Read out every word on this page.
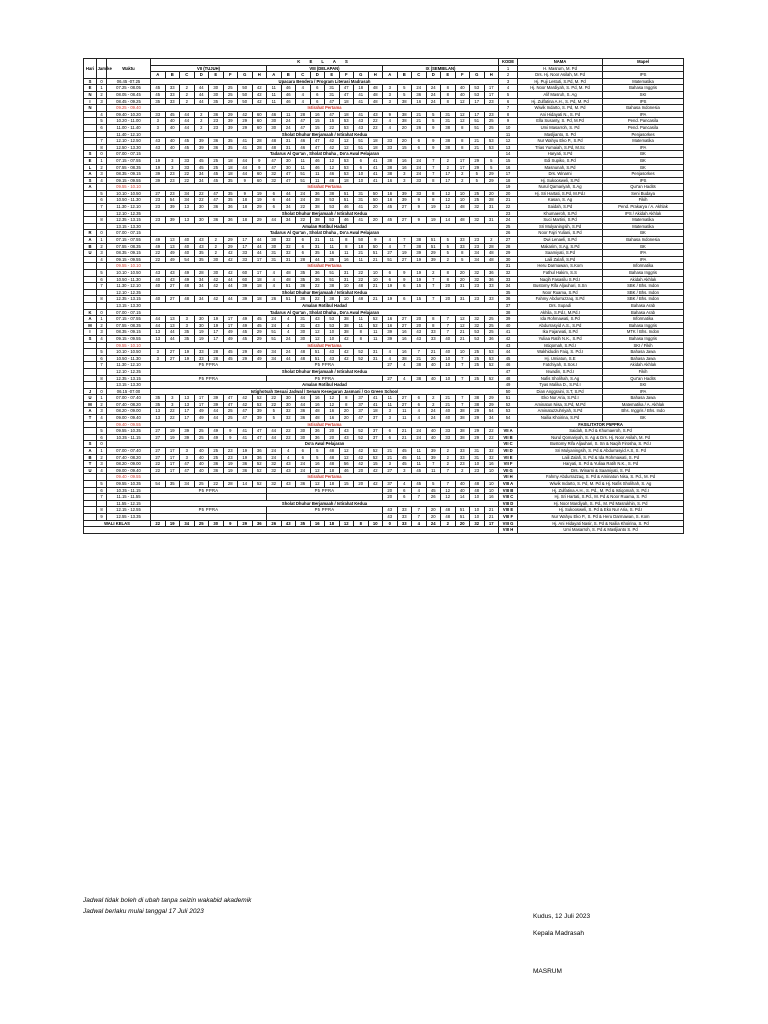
Hari	Jam ke	Waktu	K E L A S																								KODE	NAMA	Mapel
			VII (TUJUH)								VIII (DELAPAN)								IX (SEMBILAN)								1	H. Masrum, M. Pd	
			A	B	C	D	E	F	G	H	A	B	C	D	E	F	G	H	A	B	C	D	E	F	G	H	2	Drs. Hj. Noor Asilah, M. Pd	IPS
S	0	06.45 -07.25	Upacara Bendera / Program Literasi Madrasah																								3	Hj. Puji Lestuti, S.Pd, M. Pd	Matematika
E	1	07.25 - 08.05	45	33	2	44	30	25	50	42	11	46	4	6	31	47	18	48	3	5	24	24	8	40	53	17	4	Hj. Noor Mardiyah, S. Pd, M. Pd	Bahasa Inggris
N	2	08.05 - 08.45	45	33	2	44	30	25	50	42	11	46	4	6	31	47	41	48	3	5	36	24	8	40	53	17	5	Alif Masruh, S. Ag	SKI
I	3	08.45 - 09.25	35	33	2	44	35	29	50	42	11	46	4	6	47	18	41	48	3	38	16	24	8	12	17	23	6	Hj. Zulfatina A.H., S. Pd, M. Pd	IPS
N		09.25 - 09.40	Istirahat Pertama																								7	Wiwik Indarto, S. Pd, M. Pd	Bahasa Indonesia
	4	09.40 - 10.20	33	45	44	2	36	29	42	60	46	11	28	16	47	18	41	43	9	38	21	5	31	12	17	23	8	Ani Hidayati N., S. Pd	IPA
	5	10.20 - 11.00	3	40	44	2	23	39	29	60	30	24	47	15	15	53	43	22	4	38	21	5	31	12	51	25	9	Ella Susanty, S. Pd, M.Pd	Pend. Pancasila
	6	11.00 - 11.40	3	40	44	2	23	39	29	60	30	24	47	15	22	53	43	22	4	20	26	9	38	8	51	25	10	Umi Masarroh, S. Pd	Pend. Pancasila
		11.40 - 12.10	Sholat Dhuhur Berjamaah / Istirahat Kedua																								11	Masljianto, S. Pd	Penjasorkes
	7	12.10 - 12.50	43	40	45	39	36	35	41	28	48	31	46	47	42	12	51	18	33	20	6	9	38	8	21	53	12	Nur Wahyu Eko P., S.Pd	Matematika
	8	12.50 - 13.30	43	40	45	39	36	35	41	28	48	31	46	47	42	12	51	18	33	15	6	9	38	8	21	53	13	Trias Yumaiah, S.Pd, M.Sc	IPA
S	0	07.00 - 07.15	Tadarus Al Qur'an , Sholat Dhuha , Do'a Awal Pelajaran																								14	Haryati, S.Pd	BK
E	1	07.15 - 07.55	19	3	33	45	25	18	44	9	47	30	11	46	12	53	6	41	38	16	24	7	2	17	29	5	15	Edi Supiko, S.Pd	BK
L	2	07.55 - 08.35	19	3	33	45	25	18	44	9	47	30	11	46	12	53	6	41	38	16	24	7	2	17	29	5	16	Masnunah, S.Pd	BK
A	3	08.35 - 09.15	39	23	22	34	45	18	44	60	32	47	51	11	46	53	10	41	38	3	24	7	17	2	5	29	17	Drs. Winarni	Penjasorkes
S	4	09.15 - 09.55	39	23	22	34	45	35	9	60	32	47	51	11	46	18	10	41	16	3	33	8	17	2	5	29	18	Hj. Sukoosweli, S.Pd	IPS
A		09.55 - 10.10	Istirahat Pertama																								19	Nurul Qamariyah, S.Ag	Qur'an Hadits
	5	10.10 - 10.50	27	23	34	22	47	35	9	19	6	44	24	36	38	51	31	50	16	39	33	8	12	10	25	20	20	Hj. Sri Hartati, S.Pd, M.Pd.I	Seni Budaya
	6	10.50 - 11.30	23	54	34	22	47	35	18	19	6	44	24	38	53	51	31	50	16	39	9	8	12	10	25	28	21	Kasan, S. Ag	Fikih
	7	11.30 - 12.10	23	39	13	30	36	36	18	29	6	34	22	38	53	46	41	20	45	27	9	19	12	48	32	31	22	Saidah, S.Pd	Pend. Prakarya / A. Akhlak
		12.10 - 12.35	Sholat Dhuhur Berjamaah / Istirahat Kedua																								23	Khumaeroh, S.Pd	IPS / Akidah Akhlak
	8	12.35 - 13.15	23	39	13	30	36	36	18	29	44	34	22	38	53	46	41	20	45	27	9	19	14	48	32	31	24	Suci Martini, S.Pd	Matematika
		13.15 - 13.30	Amalan Rotibul Hadad																								25	Sri Mulyaningsih, S.Pd	Matematika
R	0	07.00 - 07.15	Tadarus Al Qur'an , Sholat Dhuha , Do'a Awal Pelajaran																								26	Noor Fajri Yuliani, S.Pd	BK
A	1	07.15 - 07.55	49	13	40	43	2	29	17	44	30	32	6	31	11	8	50	9	4	7	38	51	5	33	23	2	27	Dwi Lenaeli, S.Pd	Bahasa Indonesia
B	2	07.55 - 08.35	49	13	40	43	2	29	17	44	30	32	6	31	11	8	18	50	4	7	38	51	5	33	23	28	28	Makarim, S.Ag, S.Pd	BK
U	3	08.35 - 09.15	22	49	40	35	2	42	33	44	31	32	6	35	16	11	21	51	27	19	39	29	5	8	34	48	29	Saamiyati, S.Pd	IPA
	4	09.15 - 09.55	22	49	54	35	30	42	33	17	31	31	28	44	35	16	11	21	51	27	19	39	2	5	34	48	30	Laili Zalafi, S.Pd	IPA
		09.55 - 10.10	Istirahat Pertama																								31	Heru Darmawan, S.Kom	Informatika
	5	10.10 - 10.50	43	43	49	28	30	42	60	17	4	48	35	36	51	31	22	10	6	9	19	2	8	20	32	36	32	Fathul Hakim, S.S	Bahasa Inggris
	6	10.50 - 11.30	40	43	49	34	42	44	60	18	4	48	35	36	51	31	22	10	6	9	19	7	8	20	32	36	33	Naqih Fasasilu S.Pd.I	Akidah Akhlak
	7	11.30 - 12.10	40	27	48	34	42	44	39	18	4	51	36	22	38	10	48	21	19	6	15	7	20	31	23	33	34	Bustomy Rifa Aljauhari, S.Sn	SBK / Bhs. Indon
		12.10 - 12.35	Sholat Dhuhur Berjamaah / Istirahat Kedua																								35	Noor Ruama, S.Pd	SBK / Bhs. Indon
	8	12.35 - 13.15	40	27	48	34	42	44	39	18	26	51	36	22	38	10	48	21	19	6	15	7	20	31	23	33	36	Fahmy Abdurrazzaq, S.Pd	SBK / Bhs. Indon
		13.15 - 13.30	Amalan Rotibul Hadad																								37	Drs. Supadi	Bahasa Arab
K	0	07.00 - 07.15	Tadarus Al Qur'an , Sholat Dhuha , Do'a Awal Pelajaran																								38	Akhila, S.Pd.I, M.Pd.I	Bahasa Arab
A	1	07.15 - 07.55	44	13	3	30	19	17	49	45	24	4	31	43	53	38	11	52	16	27	20	8	7	12	32	25	39	Ida Rohmawati, S.Pd	Informatika
M	2	07.55 - 08.35	44	13	3	30	19	17	49	45	24	4	31	43	53	38	11	52	16	27	20	8	7	12	32	25	40	Abdurrasyid A.S., S.Pd	Bahasa Inggris
I	3	08.35 - 09.15	13	44	35	19	17	49	45	29	51	4	30	12	10	38	8	11	39	16	43	33	7	21	53	25	41	Ika Fajarwati, S.Pd	MTK / Bhs. Indon
S	4	09.15 - 09.55	13	44	35	19	17	49	45	29	51	24	30	12	10	42	8	11	39	16	43	33	40	21	53	36	42	Yuliaa Ratih N.K., S.Pd	Bahasa Inggris
		09.55 - 10.10	Istirahat Pertama																								43	Istiqomah, S.Pd.I	SKI / Fikih
	5	10.10 - 10.50	3	27	19	33	28	45	29	49	34	24	48	51	43	42	52	31	4	16	7	21	40	10	25	53	44	Wakhidudin Faiq, S. Pd.I	Bahasa Jawa
	6	10.50 - 11.30	3	27	19	33	28	45	29	49	34	44	48	51	43	42	52	31	4	38	21	20	10	7	25	53	45	Hj. Umiatun, S.E	Bahasa Jawa
	7	11.30 - 12.10	P5 PPRA								P5 PPRA								27	4	38	40	10	7	25	52	46	Fatchiyah, S.Sos.I	Akidah Akhlak
		12.10 - 12.35	Sholat Dhuhur Berjamaah / Istirahat Kedua																								47	Iswadin, S.Pd.I	Fikih
	8	12.35 - 13.15	P5 PPRA								P5 PPRA								27	4	38	40	10	7	25	52	48	Nafis Sholihah, S.Ag	Qur'an Hadits
		13.15 - 13.30	Amalan Rotibul Hadad																								49	Tyas Malika D., S.Pd.I	SKI
J	0	06.15 -07.00	Istighotsah Sesuai Jadwal / Senam Kesegaran Jasmani / Go Green School																								50	Dian Anggraini, S.T, S.Pd	IPA
U	1	07.00 - 07.40	35	3	13	17	39	47	42	52	22	30	44	16	12	8	37	41	11	27	6	2	21	7	38	29	51	Eko Nur Aria, S.Pd.I	Bahasa Jawa
M	2	07.40 - 08.20	35	3	13	17	39	47	42	52	22	30	44	16	12	8	37	41	11	27	6	2	21	7	38	29	52	Aminatun Nisa, S.Pd, M.Pd	Matematika / A. Akhlak
A	3	08.20 - 09.00	13	22	17	49	44	25	47	39	5	32	36	48	16	20	37	18	3	11	4	24	40	38	29	54	53	Aminatuzzuhriyah, S.Pd	Bhs. Inggris / Bhs. Indo
T	4	09.00 - 09.40	13	22	17	49	44	25	47	39	5	32	36	48	16	20	47	37	3	11	4	24	40	38	29	34	54	Nailia Khoirina, S.Pd	BK
		09.40 - 09.55	Istirahat Pertama																									FASILITATOR P5PPRA	
	5	09.55 - 10.35	27	19	39	25	49	9	41	47	44	22	30	36	20	43	52	37	6	21	24	40	33	38	29	22	VII A	Saidah, S.Pd & Khumaeroh, S.Pd	
	6	10.35 - 11.15	27	19	39	25	49	9	41	47	44	22	30	36	20	43	52	37	6	21	24	40	33	38	29	22	VII B	Nurul Qomariyah, S. Ag & Drs. Hj. Noor Asilah, M. Pd	
S	0		Do'a Awal Pelajaran																								VII C	Bustomy Rifa Aljauhari, S. Sn & Naqih Firosha, S. Pd.I	
A	1	07.00 - 07.40	27	17	3	40	25	23	19	36	24	4	6	5	48	12	42	52	21	45	11	39	2	33	31	32	VII D	Sri Mulyaningsih, S. Pd & Abdurrasyid A.S, S. Pd	
B	2	07.40 - 08.20	27	17	3	40	25	23	19	36	24	4	6	5	48	12	42	52	21	45	11	39	2	33	31	32	VII E	Laili Zalafi, S. Pd & Ida Rohmawati, S. Pd	
T	3	08.20 - 09.00	22	17	47	40	36	19	36	52	32	43	24	16	48	56	42	15	3	45	11	7	2	23	10	16	VII F	Haryati, S. Pd & Yuliaa Ratih N.K., S. Pd	
U	4	09.00 - 09.40	22	17	47	40	36	19	36	52	32	43	24	12	18	46	20	42	27	3	45	11	7	2	23	10	VII G	Drs. Winarni & Saamiyati, S. Pd	
		09.40 - 09.55	Istirahat Pertama																								VII H	Fahmy Abdurrazzaq, S. Pd & Aminatun Nisa, S. Pd., M. Pd	
	5	09.55 - 10.35	54	35	34	25	22	28	14	52	32	43	36	12	18	15	20	42	37	4	45	5	7	40	48	10	VIII A	Wiwik Indarto, S. Pd, M. Pd & Hj. Nafis Sholihah, S. Ag	
	6	10.35 - 11.15	P5 PPRA								P5 PPRA								20	6	4	45	12	40	48	10	VIII B	Hj. Zulfatina A.H., S. Pd., M. Pd & Istiqomah, S. Pd.I	
	7	11.15 - 11.55																	20	6	7	26	12	14	10	16	VIII C	Hj. Sri Hartati, S.Pd., M. Pd & Noor Ruama, S. Pd	
		11.55 - 12.15	Sholat Dhuhur Berjamaah / Istirahat Kedua																								VIII D	Hj. Noor Mardiyah, S. Pd., M. Pd Masrukhin, S. Pd	
	8	12.15 - 12.55	P5 PPRA								P5 PPRA								43	33	7	20	48	51	10	21	VIII E	Hj. Sukoosweli, S. Pd & Eko Nur Aria, S. Pd.I	
	9	12.55 - 13.35																	43	33	7	20	48	51	10	21	VIII F	Nur Wahyu Eko P., S. Pd & Heru Darmawan, S. Kom	
WALI KELAS			22	19	34	25	30	9	29	36	26	43	35	16	18	12	8	10	0	33	4	24	2	20	32	17	VIII G	Hj. Ani Hidayati Nasir, S. Pd & Nailia Khoirina, S. Pd	
																											VIII H	Umi Masarroh, S. Pd & Masljianto S. Pd	
Jadwal tidak boleh di ubah tanpa seizin wakabid akademik
Jadwal berlaku mulai tanggal 17 Juli 2023
Kudus, 12 Juli 2023
Kepala Madrasah
MASRUM
